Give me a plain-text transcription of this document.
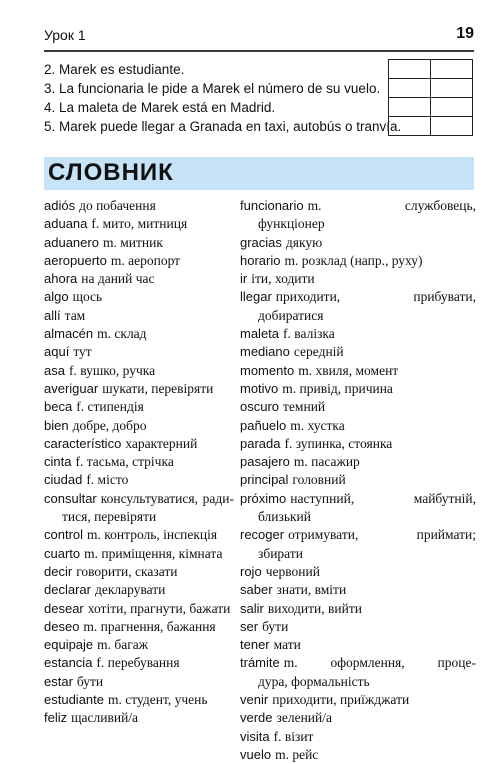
Урок 1	19
2. Marek es estudiante.
3. La funcionaria le pide a Marek el número de su vuelo.
4. La maleta de Marek está en Madrid.
5. Marek puede llegar a Granada en taxi, autobús o tranvía.

СЛОВНИК
adiós до побачення
aduana f. мито, митниця
aduanero m. митник
aeropuerto m. аеропорт
ahora на даний час
algo щось
allí там
almacén m. склад
aquí тут
asa f. вушко, ручка
averiguar шукати, перевіряти
beca f. стипендія
bien добре, добро
característico характерний
cinta f. тасьма, стрічка
ciudad f. місто
consultar консультуватися, ради-
тися, перевіряти
control m. контроль, інспекція
cuarto m. приміщення, кімната
decir говорити, сказати
declarar декларувати
desear хотіти, прагнути, бажати
deseo m. прагнення, бажання
equipaje m. багаж
estancia f. перебування
estar бути
estudiante m. студент, учень
feliz щасливий/а
funcionario m. службовець,
функціонер
gracias дякую
horario m. розклад (напр., руху)
ir іти, ходити
llegar приходити, прибувати,
добиратися
maleta f. валізка
mediano середній
momento m. хвиля, момент
motivo m. привід, причина
oscuro темний
pañuelo m. хустка
parada f. зупинка, стоянка
pasajero m. пасажир
principal головний
próximo наступний, майбутній,
близький
recoger отримувати, приймати;
збирати
rojo червоний
saber знати, вміти
salir виходити, вийти
ser бути
tener мати
trámite m. оформлення, проце-
дура, формальність
venir приходити, приїжджати
verde зелений/а
visita f. візит
vuelo m. рейс
